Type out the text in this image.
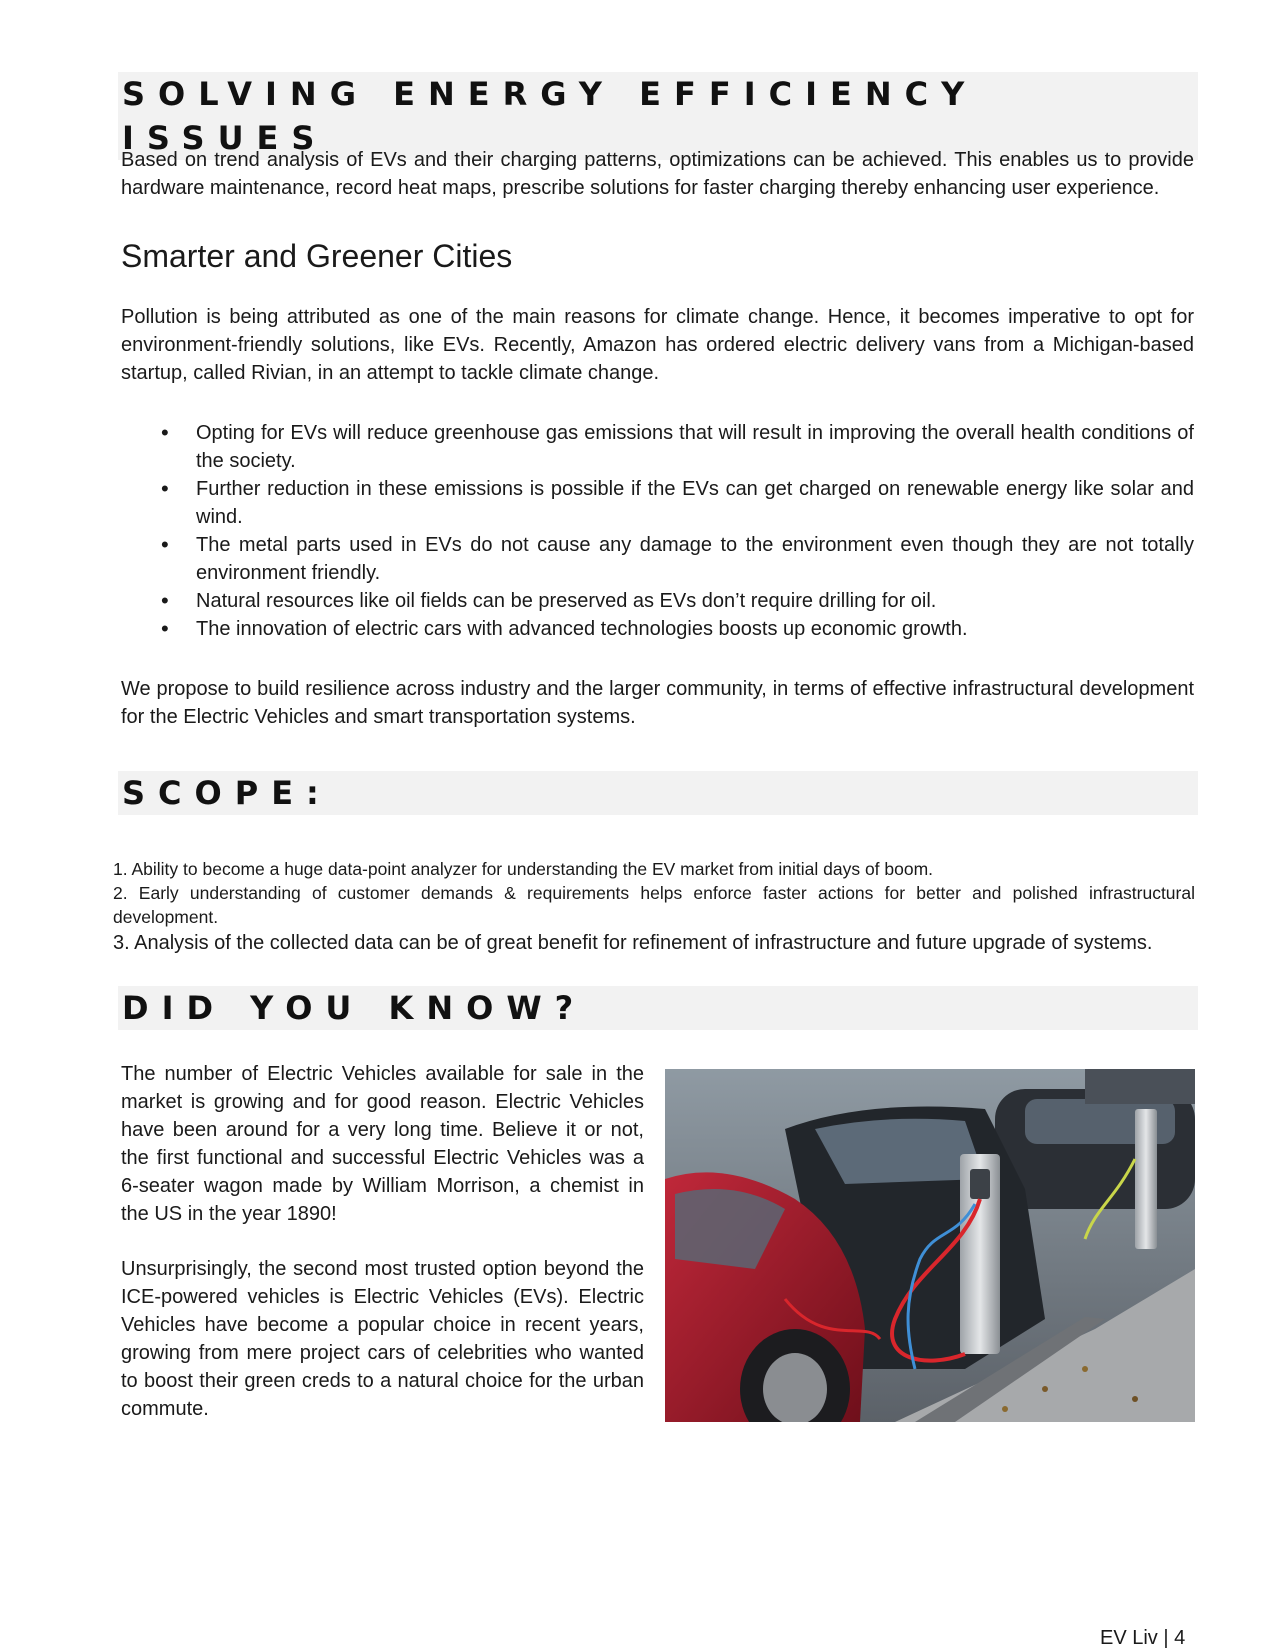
SOLVING ENERGY EFFICIENCY ISSUES

Based on trend analysis of EVs and their charging patterns, optimizations can be achieved. This enables us to provide hardware maintenance, record heat maps, prescribe solutions for faster charging thereby enhancing user experience.

Smarter and Greener Cities

Pollution is being attributed as one of the main reasons for climate change. Hence, it becomes imperative to opt for environment-friendly solutions, like EVs. Recently, Amazon has ordered electric delivery vans from a Michigan-based startup, called Rivian, in an attempt to tackle climate change.

• Opting for EVs will reduce greenhouse gas emissions that will result in improving the overall health conditions of the society.
• Further reduction in these emissions is possible if the EVs can get charged on renewable energy like solar and wind.
• The metal parts used in EVs do not cause any damage to the environment even though they are not totally environment friendly.
• Natural resources like oil fields can be preserved as EVs don’t require drilling for oil.
• The innovation of electric cars with advanced technologies boosts up economic growth.

We propose to build resilience across industry and the larger community, in terms of effective infrastructural development for the Electric Vehicles and smart transportation systems.

SCOPE:
1. Ability to become a huge data-point analyzer for understanding the EV market from initial days of boom.
2. Early understanding of customer demands & requirements helps enforce faster actions for better and polished infrastructural development.
3. Analysis of the collected data can be of great benefit for refinement of infrastructure and future upgrade of systems.
DID YOU KNOW?

The number of Electric Vehicles available for sale in the market is growing and for good reason. Electric Vehicles have been around for a very long time. Believe it or not, the first functional and successful Electric Vehicles was a 6-seater wagon made by William Morrison, a chemist in the US in the year 1890!

Unsurprisingly, the second most trusted option beyond the ICE-powered vehicles is Electric Vehicles (EVs). Electric Vehicles have become a popular choice in recent years, growing from mere project cars of celebrities who wanted to boost their green creds to a natural choice for the urban commute.

EV Liv | 4
